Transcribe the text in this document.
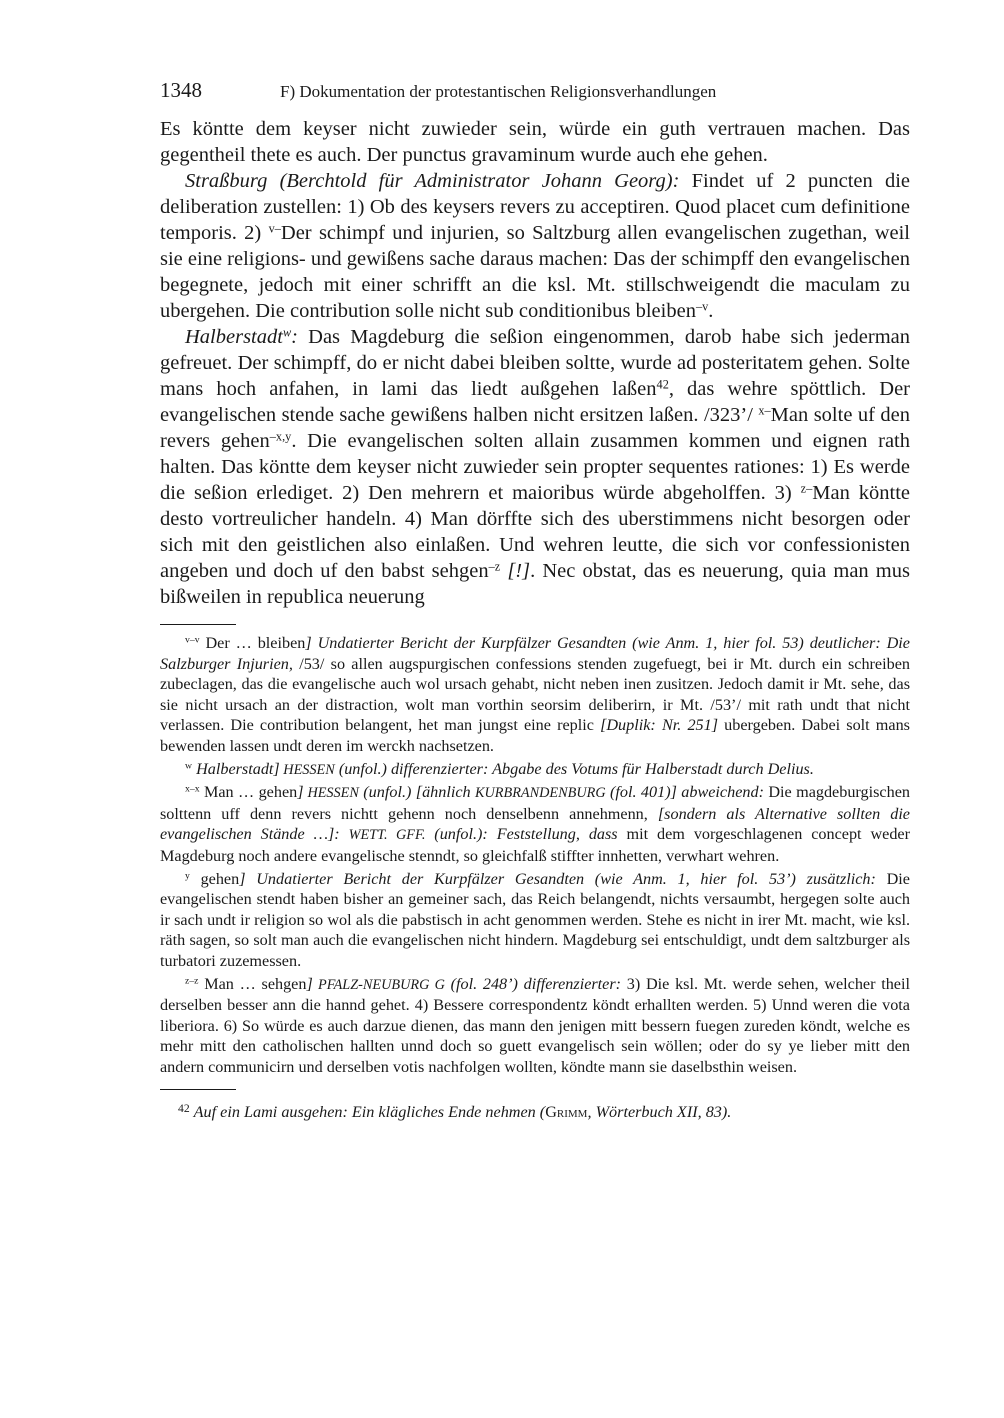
1348	F) Dokumentation der protestantischen Religionsverhandlungen

Es köntte dem keyser nicht zuwieder sein, würde ein guth vertrauen machen. Das gegentheil thete es auch. Der punctus gravaminum wurde auch ehe gehen.

Straßburg (Berchtold für Administrator Johann Georg): Findet uf 2 puncten die deliberation zustellen: 1) Ob des keysers revers zu acceptiren. Quod placet cum definitione temporis. 2) $^{v-}$Der schimpf und injurien, so Saltzburg allen evangelischen zugethan, weil sie eine religions- und gewißens sache daraus machen: Das der schimpff den evangelischen begegnete, jedoch mit einer schrifft an die ksl. Mt. stillschweigendt die maculam zu ubergehen. Die contribution solle nicht sub conditionibus bleiben$^{-v}$.

Halberstadt$^w$: Das Magdeburg die seßion eingenommen, darob habe sich jederman gefreuet. Der schimpff, do er nicht dabei bleiben soltte, wurde ad posteritatem gehen. Solte mans hoch anfahen, in lami das liedt außgehen laßen$^{42}$, das wehre spöttlich. Der evangelischen stende sache gewißens halben nicht ersitzen laßen. /323’/ $^{x-}$Man solte uf den revers gehen$^{-x,y}$. Die evangelischen solten allain zusammen kommen und eignen rath halten. Das köntte dem keyser nicht zuwieder sein propter sequentes rationes: 1) Es werde die seßion erlediget. 2) Den mehrern et maioribus würde abgeholffen. 3) $^{z-}$Man köntte desto vortreulicher handeln. 4) Man dörffte sich des uberstimmens nicht besorgen oder sich mit den geistlichen also einlaßen. Und wehren leutte, die sich vor confessionisten angeben und doch uf den babst sehgen$^{-z}$ [!]. Nec obstat, das es neuerung, quia man mus bißweilen in republica neuerung

$^{v-v}$ Der … bleiben] Undatierter Bericht der Kurpfälzer Gesandten (wie Anm. 1, hier fol. 53) deutlicher: Die Salzburger Injurien, /53/ so allen augspurgischen confessions stenden zugefuegt, bei ir Mt. durch ein schreiben zubeclagen, das die evangelische auch wol ursach gehabt, nicht neben inen zusitzen. Jedoch damit ir Mt. sehe, das sie nicht ursach an der distraction, wolt man vorthin seorsim deliberirn, ir Mt. /53’/ mit rath undt that nicht verlassen. Die contribution belangent, het man jungst eine replic [Duplik: Nr. 251] ubergeben. Dabei solt mans bewenden lassen undt deren im werckh nachsetzen.

$^w$ Halberstadt] HESSEN (unfol.) differenzierter: Abgabe des Votums für Halberstadt durch Delius.

$^{x-x}$ Man … gehen] HESSEN (unfol.) [ähnlich KURBRANDENBURG (fol. 401)] abweichend: Die magdeburgischen solttenn uff denn revers nichtt gehenn noch denselbenn annehmenn, [sondern als Alternative sollten die evangelischen Stände …]: WETT. GFF. (unfol.): Feststellung, dass mit dem vorgeschlagenen concept weder Magdeburg noch andere evangelische stenndt, so gleichfalß stiffter innhetten, verwhart wehren.

$^y$ gehen] Undatierter Bericht der Kurpfälzer Gesandten (wie Anm. 1, hier fol. 53’) zusätzlich: Die evangelischen stendt haben bisher an gemeiner sach, das Reich belangendt, nichts versaumbt, hergegen solte auch ir sach undt ir religion so wol als die pabstisch in acht genommen werden. Stehe es nicht in irer Mt. macht, wie ksl. räth sagen, so solt man auch die evangelischen nicht hindern. Magdeburg sei entschuldigt, undt dem saltzburger als turbatori zuzemessen.

$^{z-z}$ Man … sehgen] PFALZ-NEUBURG G (fol. 248’) differenzierter: 3) Die ksl. Mt. werde sehen, welcher theil derselben besser ann die hannd gehet. 4) Bessere correspondentz köndt erhallten werden. 5) Unnd weren die vota liberiora. 6) So würde es auch darzue dienen, das mann den jenigen mitt bessern fuegen zureden köndt, welche es mehr mitt den catholischen hallten unnd doch so guett evangelisch sein wöllen; oder do sy ye lieber mitt den andern communicirn und derselben votis nachfolgen wollten, köndte mann sie daselbsthin weisen.

$^{42}$ Auf ein Lami ausgehen: Ein klägliches Ende nehmen (Grimm, Wörterbuch XII, 83).
